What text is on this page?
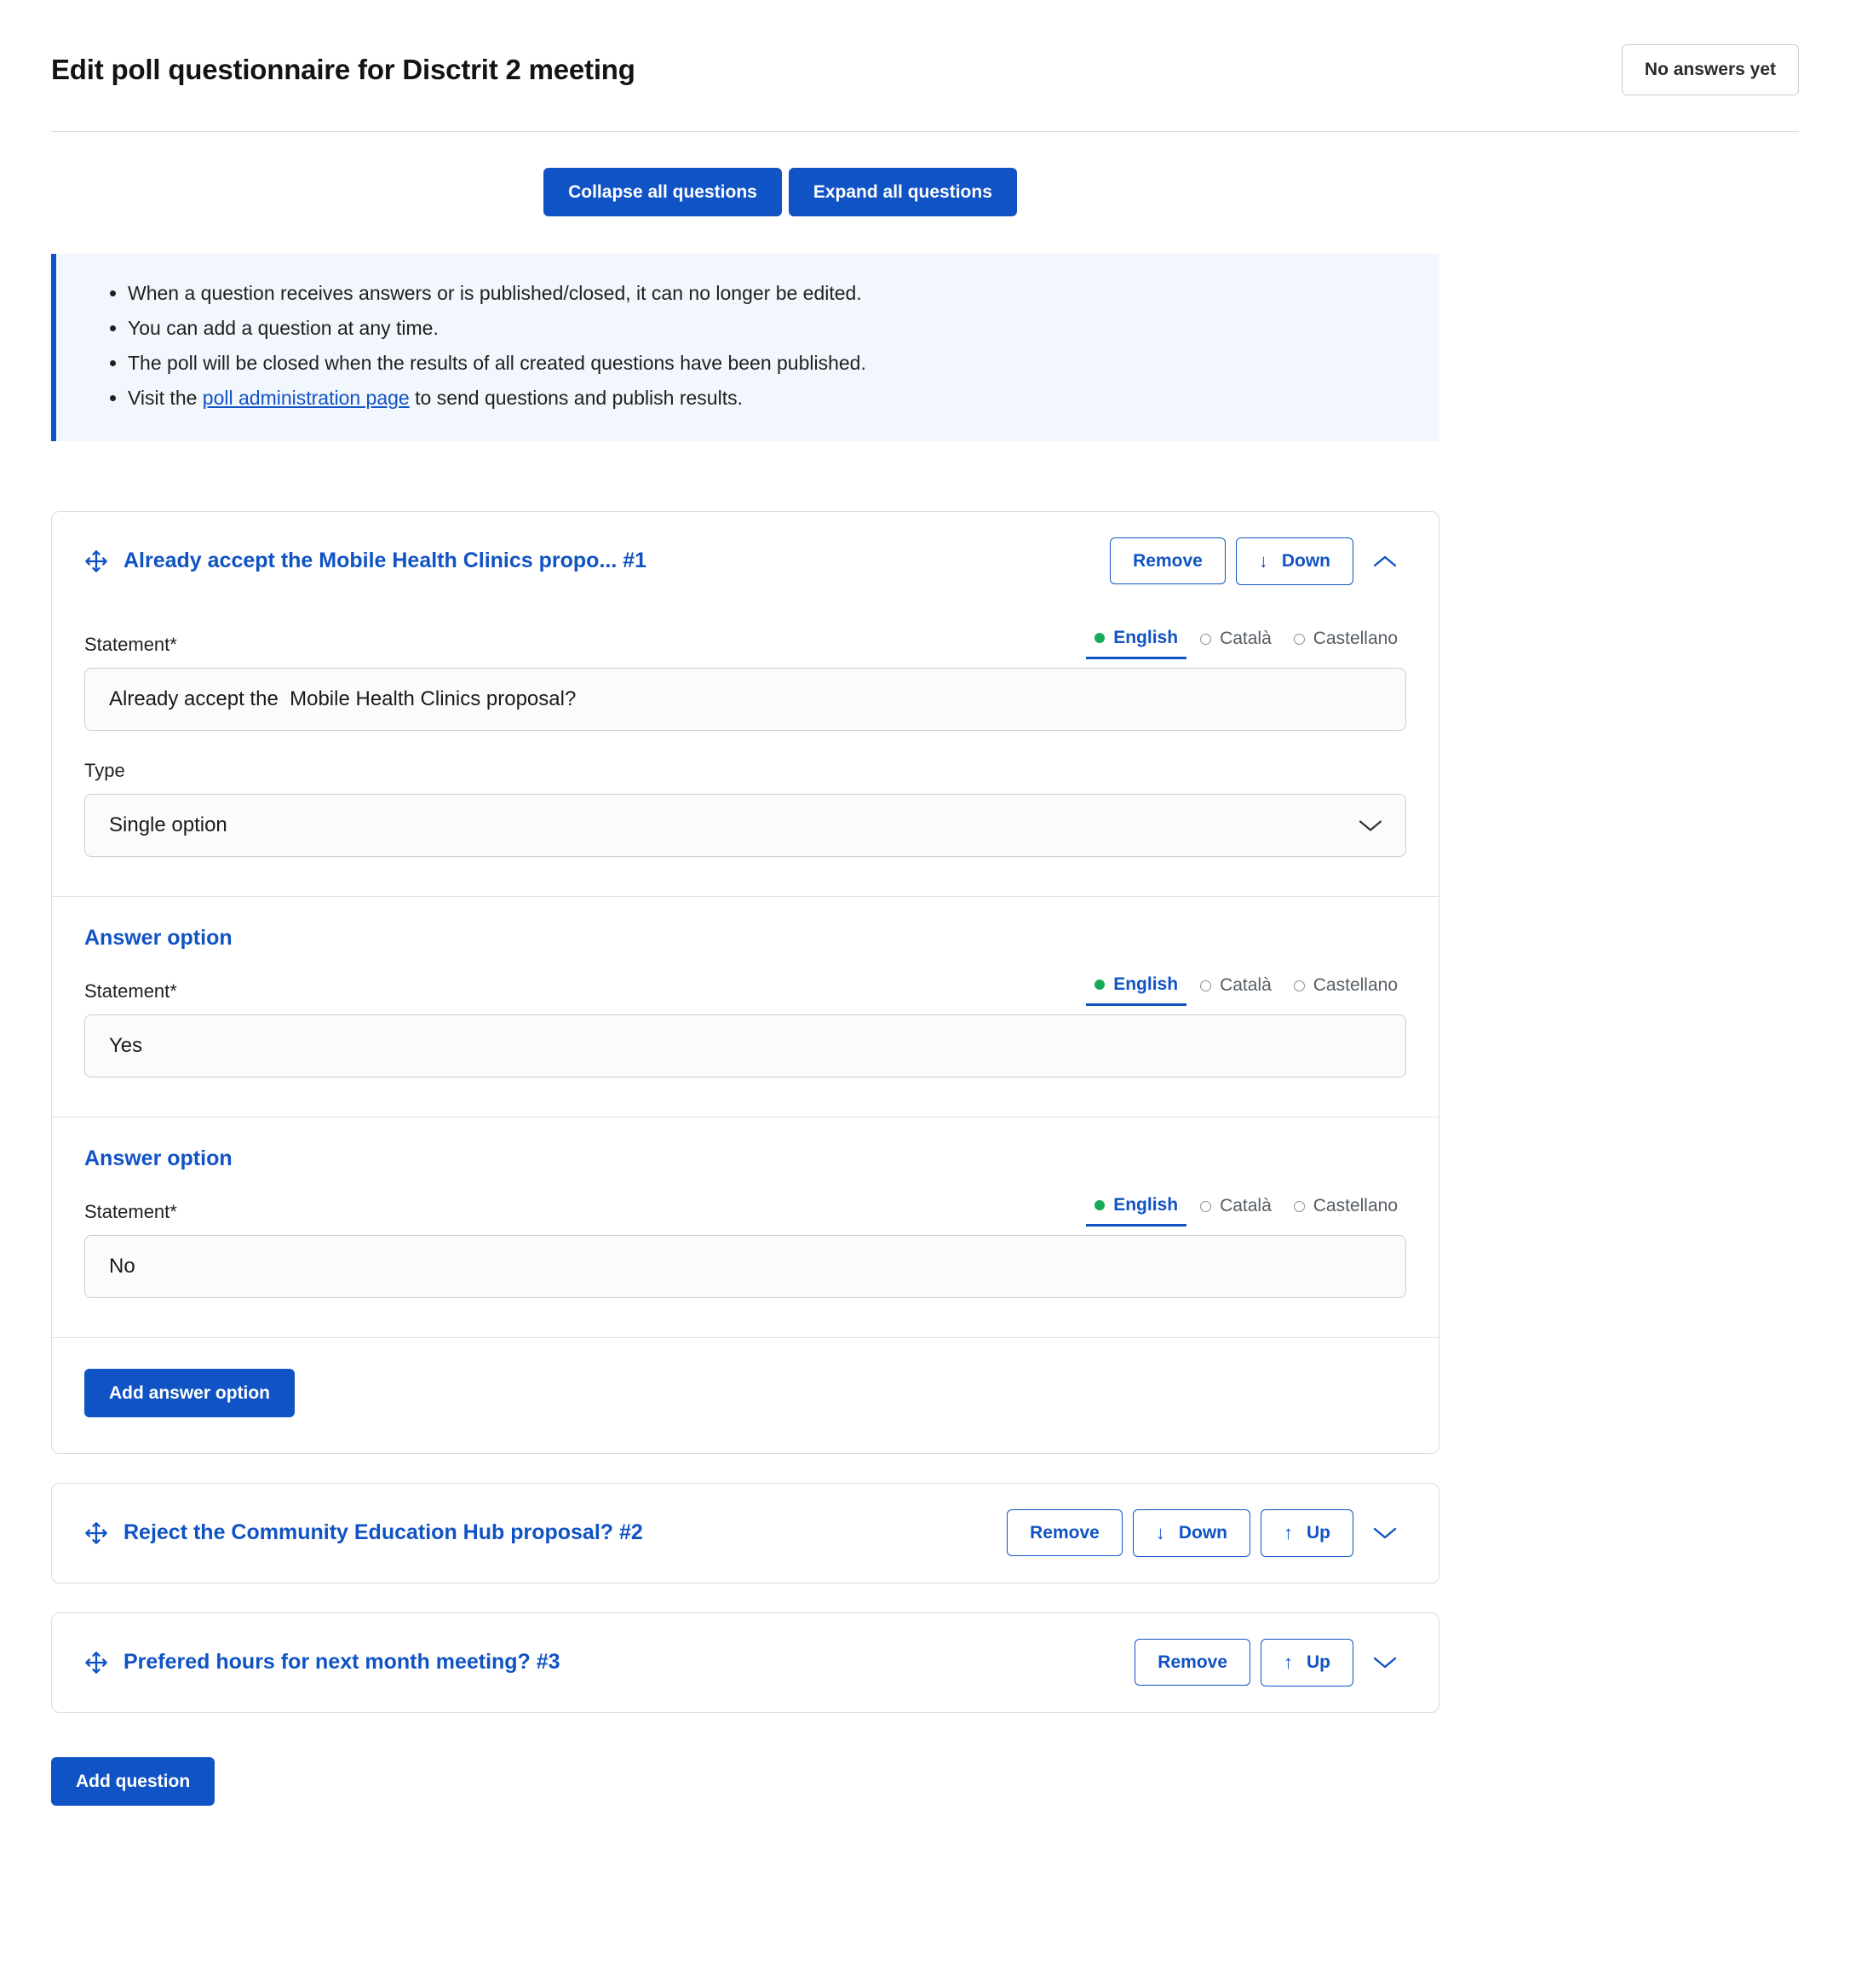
Edit poll questionnaire for Disctrit 2 meeting	No answers yet
Collapse all questions	Expand all questions
• When a question receives answers or is published/closed, it can no longer be edited.
• You can add a question at any time.
• The poll will be closed when the results of all created questions have been published.
• Visit the poll administration page to send questions and publish results.
Already accept the Mobile Health Clinics propo... #1	Remove	↓ Down
Statement*	English Català Castellano
Already accept the Mobile Health Clinics proposal?
Type
Single option
Answer option
Statement*	English Català Castellano
Yes
Answer option
Statement*	English Català Castellano
No
Add answer option
Reject the Community Education Hub proposal? #2	Remove	↓ Down	↑ Up
Prefered hours for next month meeting? #3	Remove	↑ Up
Add question
